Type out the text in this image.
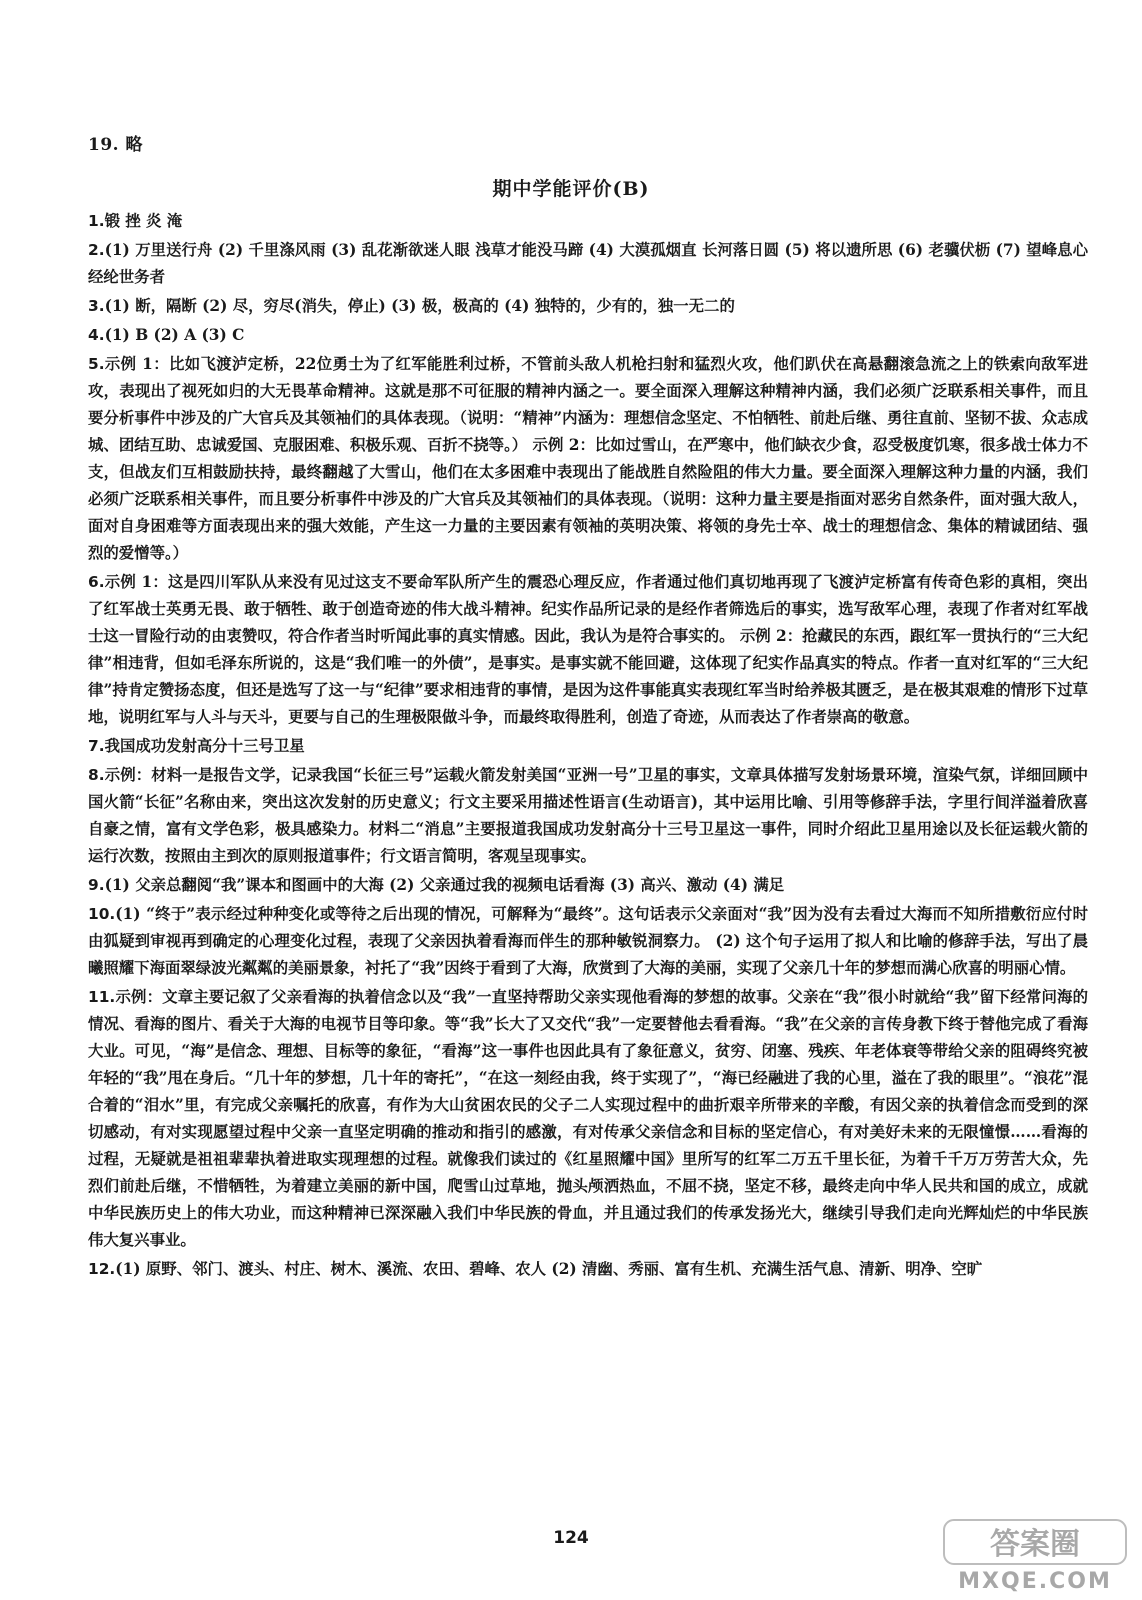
19. 略
期中学能评价(B)

1.锻 挫 炎 淹

2.(1) 万里送行舟 (2) 千里涤风雨 (3) 乱花渐欲迷人眼 浅草才能没马蹄 (4) 大漠孤烟直 长河落日圆 (5) 将以遗所思 (6) 老骥伏枥 (7) 望峰息心 经纶世务者

3.(1) 断，隔断 (2) 尽，穷尽(消失，停止) (3) 极，极高的 (4) 独特的，少有的，独一无二的

4.(1) B (2) A (3) C

5.示例 1：比如飞渡泸定桥，22位勇士为了红军能胜利过桥，不管前头敌人机枪扫射和猛烈火攻，他们趴伏在高悬翻滚急流之上的铁索向敌军进攻，表现出了视死如归的大无畏革命精神。这就是那不可征服的精神内涵之一。要全面深入理解这种精神内涵，我们必须广泛联系相关事件，而且要分析事件中涉及的广大官兵及其领袖们的具体表现。（说明：“精神”内涵为：理想信念坚定、不怕牺牲、前赴后继、勇往直前、坚韧不拔、众志成城、团结互助、忠诚爱国、克服困难、积极乐观、百折不挠等。） 示例 2：比如过雪山，在严寒中，他们缺衣少食，忍受极度饥寒，很多战士体力不支，但战友们互相鼓励扶持，最终翻越了大雪山，他们在太多困难中表现出了能战胜自然险阻的伟大力量。要全面深入理解这种力量的内涵，我们必须广泛联系相关事件，而且要分析事件中涉及的广大官兵及其领袖们的具体表现。（说明：这种力量主要是指面对恶劣自然条件，面对强大敌人，面对自身困难等方面表现出来的强大效能，产生这一力量的主要因素有领袖的英明决策、将领的身先士卒、战士的理想信念、集体的精诚团结、强烈的爱憎等。）

6.示例 1：这是四川军队从来没有见过这支不要命军队所产生的震恐心理反应，作者通过他们真切地再现了飞渡泸定桥富有传奇色彩的真相，突出了红军战士英勇无畏、敢于牺牲、敢于创造奇迹的伟大战斗精神。纪实作品所记录的是经作者筛选后的事实，选写敌军心理，表现了作者对红军战士这一冒险行动的由衷赞叹，符合作者当时听闻此事的真实情感。因此，我认为是符合事实的。 示例 2：抢藏民的东西，跟红军一贯执行的“三大纪律”相违背，但如毛泽东所说的，这是“我们唯一的外债”，是事实。是事实就不能回避，这体现了纪实作品真实的特点。作者一直对红军的“三大纪律”持肯定赞扬态度，但还是选写了这一与“纪律”要求相违背的事情，是因为这件事能真实表现红军当时给养极其匮乏，是在极其艰难的情形下过草地，说明红军与人斗与天斗，更要与自己的生理极限做斗争，而最终取得胜利，创造了奇迹，从而表达了作者崇高的敬意。

7.我国成功发射高分十三号卫星

8.示例：材料一是报告文学，记录我国“长征三号”运载火箭发射美国“亚洲一号”卫星的事实，文章具体描写发射场景环境，渲染气氛，详细回顾中国火箭“长征”名称由来，突出这次发射的历史意义；行文主要采用描述性语言(生动语言)，其中运用比喻、引用等修辞手法，字里行间洋溢着欣喜自豪之情，富有文学色彩，极具感染力。材料二“消息”主要报道我国成功发射高分十三号卫星这一事件，同时介绍此卫星用途以及长征运载火箭的运行次数，按照由主到次的原则报道事件；行文语言简明，客观呈现事实。

9.(1) 父亲总翻阅“我”课本和图画中的大海 (2) 父亲通过我的视频电话看海 (3) 高兴、激动 (4) 满足

10.(1) “终于”表示经过种种变化或等待之后出现的情况，可解释为“最终”。这句话表示父亲面对“我”因为没有去看过大海而不知所措敷衍应付时由狐疑到审视再到确定的心理变化过程，表现了父亲因执着看海而伴生的那种敏锐洞察力。 (2) 这个句子运用了拟人和比喻的修辞手法，写出了晨曦照耀下海面翠绿波光粼粼的美丽景象，衬托了“我”因终于看到了大海，欣赏到了大海的美丽，实现了父亲几十年的梦想而满心欣喜的明丽心情。

11.示例：文章主要记叙了父亲看海的执着信念以及“我”一直坚持帮助父亲实现他看海的梦想的故事。父亲在“我”很小时就给“我”留下经常问海的情况、看海的图片、看关于大海的电视节目等印象。等“我”长大了又交代“我”一定要替他去看看海。“我”在父亲的言传身教下终于替他完成了看海大业。可见，“海”是信念、理想、目标等的象征，“看海”这一事件也因此具有了象征意义，贫穷、闭塞、残疾、年老体衰等带给父亲的阻碍终究被年轻的“我”甩在身后。“几十年的梦想，几十年的寄托”，“在这一刻经由我，终于实现了”，“海已经融进了我的心里，溢在了我的眼里”。“浪花”混合着的“泪水”里，有完成父亲嘱托的欣喜，有作为大山贫困农民的父子二人实现过程中的曲折艰辛所带来的辛酸，有因父亲的执着信念而受到的深切感动，有对实现愿望过程中父亲一直坚定明确的推动和指引的感激，有对传承父亲信念和目标的坚定信心，有对美好未来的无限憧憬……看海的过程，无疑就是祖祖辈辈执着进取实现理想的过程。就像我们读过的《红星照耀中国》里所写的红军二万五千里长征，为着千千万万劳苦大众，先烈们前赴后继，不惜牺牲，为着建立美丽的新中国，爬雪山过草地，抛头颅洒热血，不屈不挠，坚定不移，最终走向中华人民共和国的成立，成就中华民族历史上的伟大功业，而这种精神已深深融入我们中华民族的骨血，并且通过我们的传承发扬光大，继续引导我们走向光辉灿烂的中华民族伟大复兴事业。

12.(1) 原野、邻门、渡头、村庄、树木、溪流、农田、碧峰、农人 (2) 清幽、秀丽、富有生机、充满生活气息、清新、明净、空旷

124	答案圈
MXQE.COM
